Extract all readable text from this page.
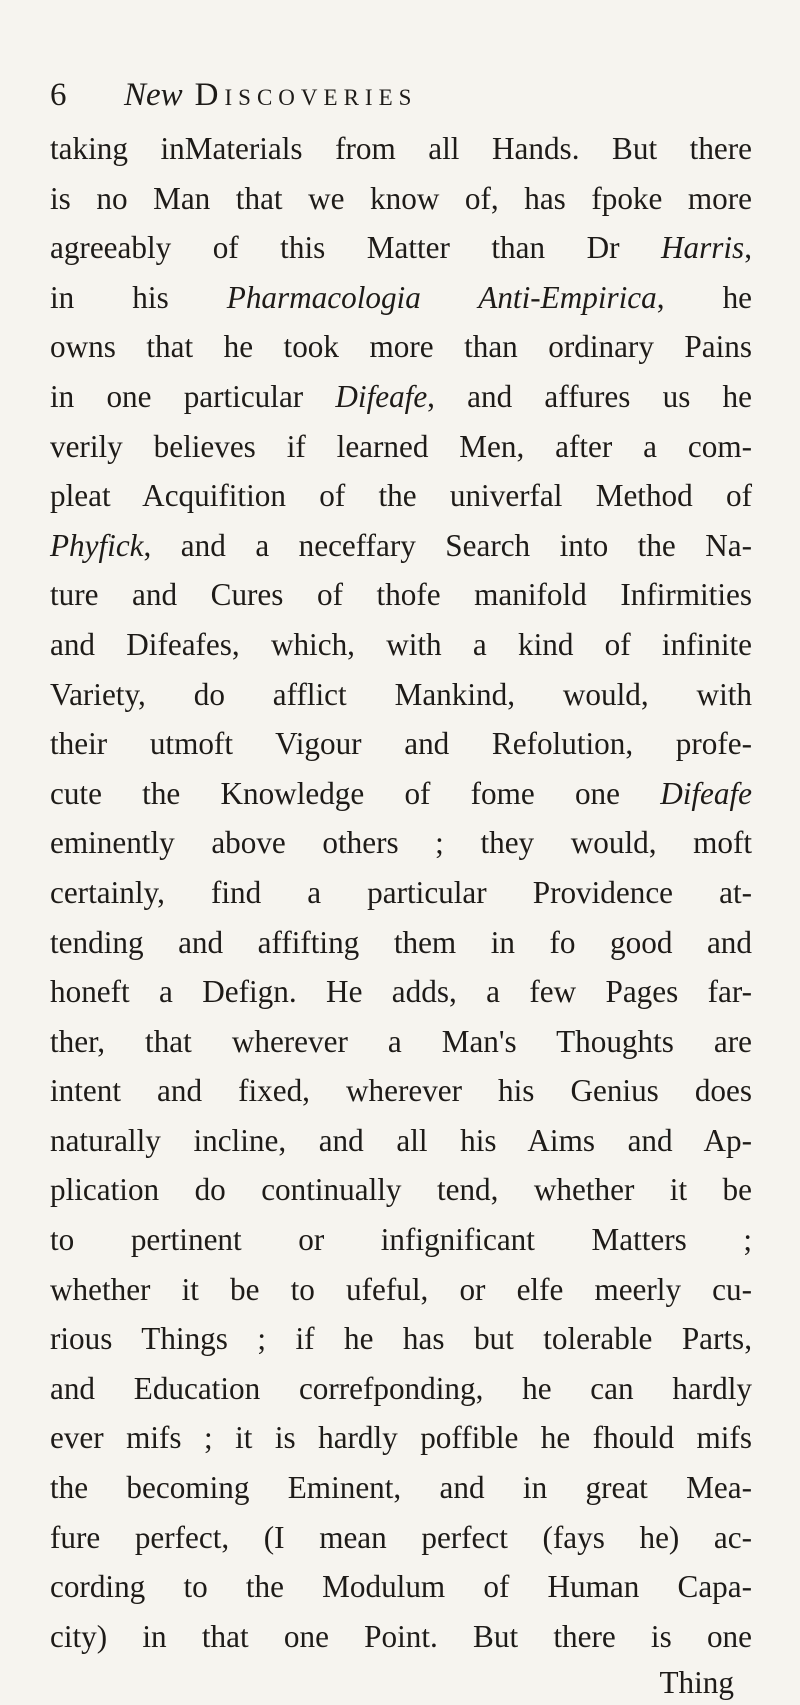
6	New Discoveries
taking inMaterials from all Hands. But there
is no Man that we know of, has fpoke more
agreeably of this Matter than Dr Harris,
in his Pharmacologia Anti-Empirica, he
owns that he took more than ordinary Pains
in one particular Difeafe, and affures us he
verily believes if learned Men, after a com-
pleat Acquifition of the univerfal Method of
Phyfick, and a neceffary Search into the Na-
ture and Cures of thofe manifold Infirmities
and Difeafes, which, with a kind of infinite
Variety, do afflict Mankind, would, with
their utmoft Vigour and Refolution, profe-
cute the Knowledge of fome one Difeafe
eminently above others ; they would, moft
certainly, find a particular Providence at-
tending and affifting them in fo good and
honeft a Defign. He adds, a few Pages far-
ther, that wherever a Man's Thoughts are
intent and fixed, wherever his Genius does
naturally incline, and all his Aims and Ap-
plication do continually tend, whether it be
to pertinent or infignificant Matters ;
whether it be to ufeful, or elfe meerly cu-
rious Things ; if he has but tolerable Parts,
and Education correfponding, he can hardly
ever mifs ; it is hardly poffible he fhould mifs
the becoming Eminent, and in great Mea-
fure perfect, (I mean perfect (fays he) ac-
cording to the Modulum of Human Capa-
city) in that one Point. But there is one
Thing
